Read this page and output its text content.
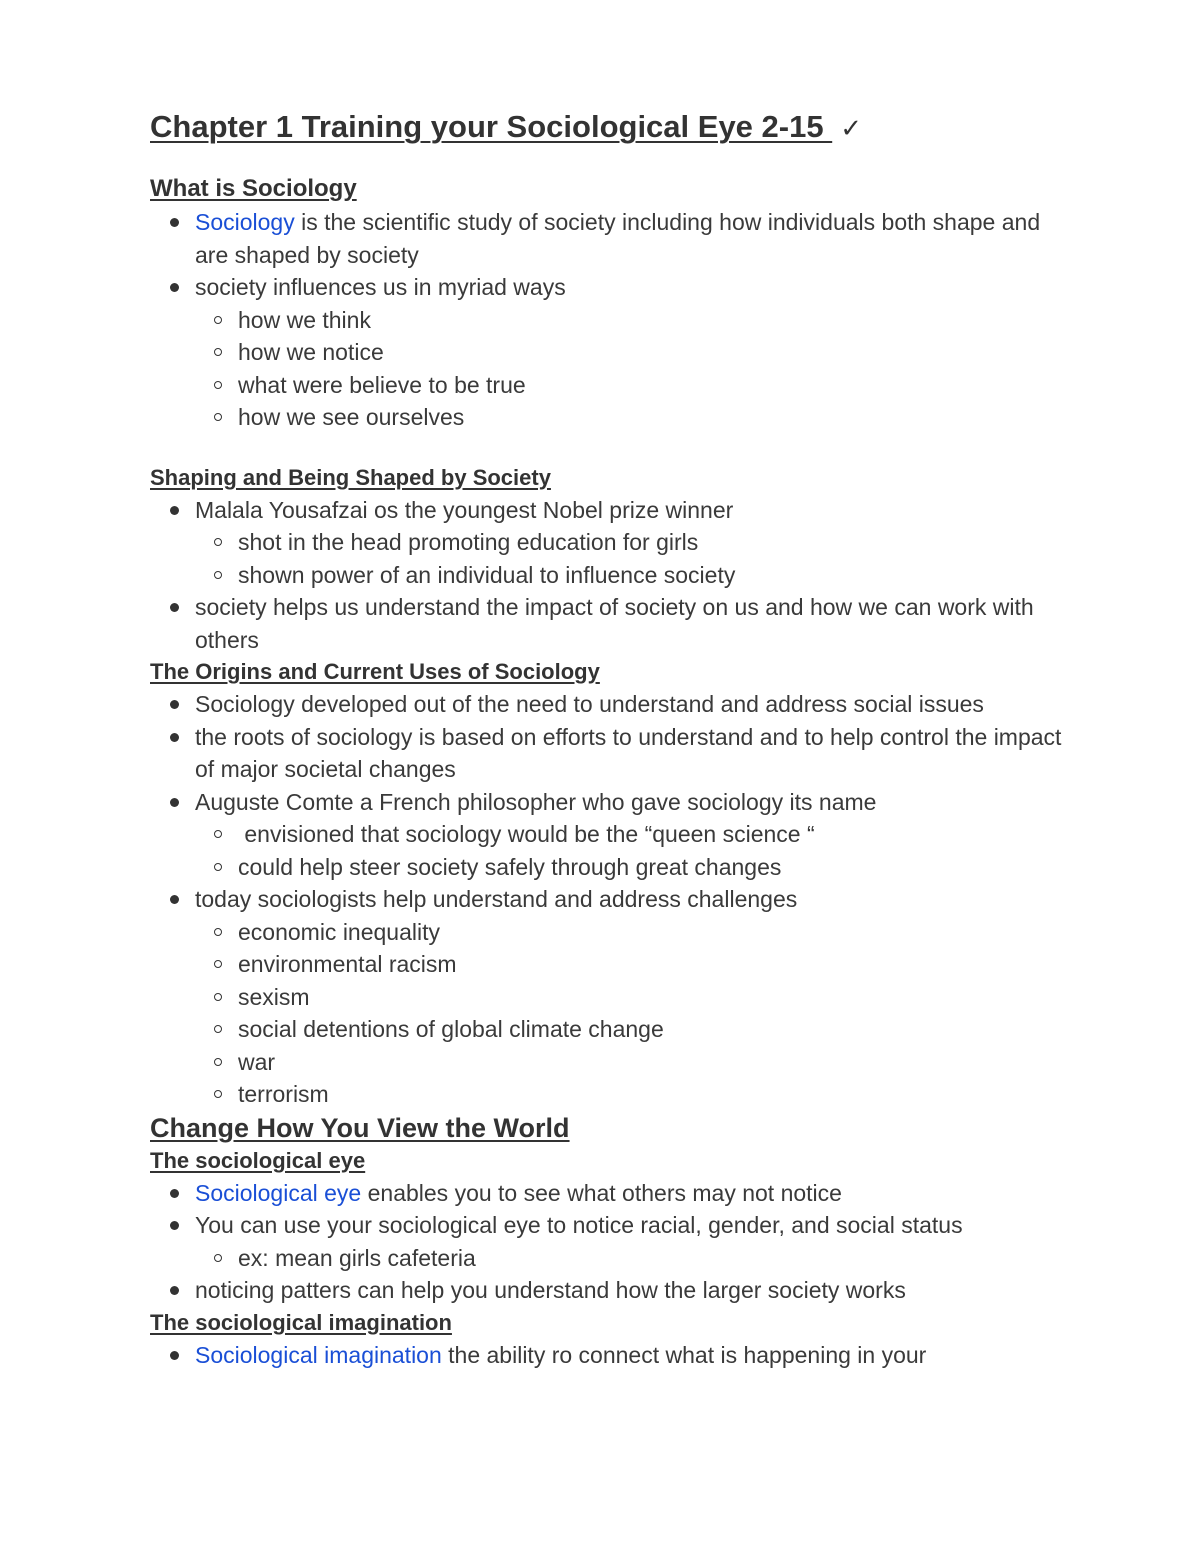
Chapter 1 Training your Sociological Eye 2-15 ✓
What is Sociology
Sociology is the scientific study of society including how individuals both shape and are shaped by society
society influences us in myriad ways
how we think
how we notice
what were believe to be true
how we see ourselves
Shaping and Being Shaped by Society
Malala Yousafzai os the youngest Nobel prize winner
shot in the head promoting education for girls
shown power of an individual to influence society
society helps us understand the impact of society on us and how we can work with others
The Origins and Current Uses of Sociology
Sociology developed out of the need to understand and address social issues
the roots of sociology is based on efforts to understand and to help control the impact of major societal changes
Auguste Comte a French philosopher who gave sociology its name
envisioned that sociology would be the “queen science “
could help steer society safely through great changes
today sociologists help understand and address challenges
economic inequality
environmental racism
sexism
social detentions of global climate change
war
terrorism
Change How You View the World
The sociological eye
Sociological eye enables you to see what others may not notice
You can use your sociological eye to notice racial, gender, and social status
ex: mean girls cafeteria
noticing patters can help you understand how the larger society works
The sociological imagination
Sociological imagination the ability ro connect what is happening in your
